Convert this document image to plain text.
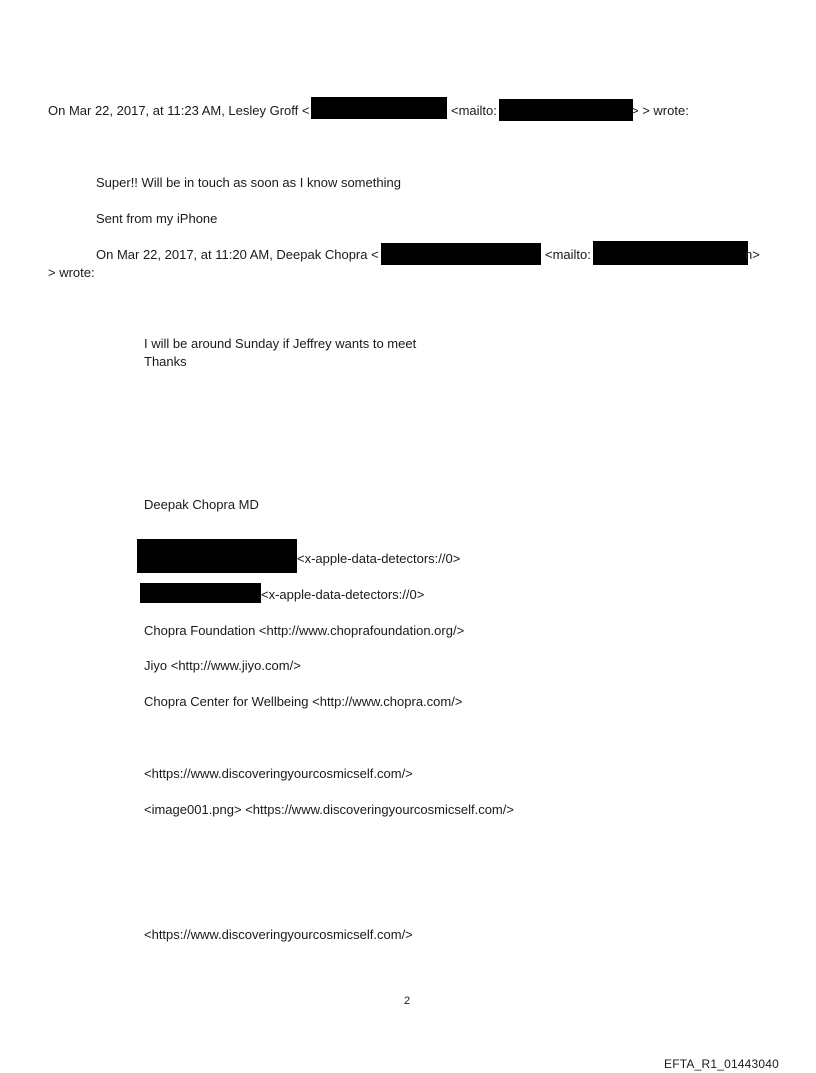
On Mar 22, 2017, at 11:23 AM, Lesley Groff <	<mailto:	> > wrote:
Super!! Will be in touch as soon as I know something
Sent from my iPhone
On Mar 22, 2017, at 11:20 AM, Deepak Chopra <	<mailto:	n>
> wrote:
I will be around Sunday if Jeffrey wants to meet
Thanks
Deepak Chopra MD
<x-apple-data-detectors://0>
<x-apple-data-detectors://0>
Chopra Foundation <http://www.choprafoundation.org/>
Jiyo <http://www.jiyo.com/>
Chopra Center for Wellbeing <http://www.chopra.com/>
<https://www.discoveringyourcosmicself.com/>
<image001.png> <https://www.discoveringyourcosmicself.com/>
<https://www.discoveringyourcosmicself.com/>
2
EFTA_R1_01443040
